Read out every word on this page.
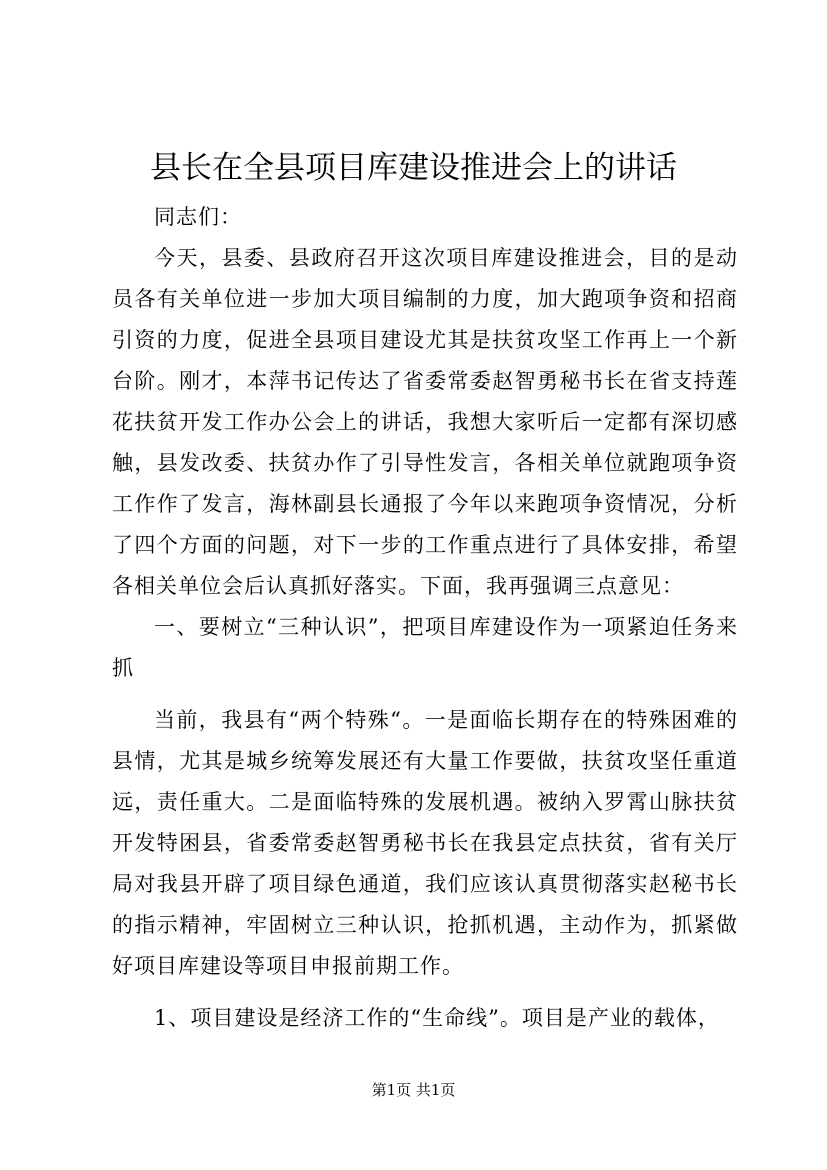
县长在全县项目库建设推进会上的讲话

同志们：

今天，县委、县政府召开这次项目库建设推进会，目的是动员各有关单位进一步加大项目编制的力度，加大跑项争资和招商引资的力度，促进全县项目建设尤其是扶贫攻坚工作再上一个新台阶。刚才，本萍书记传达了省委常委赵智勇秘书长在省支持莲花扶贫开发工作办公会上的讲话，我想大家听后一定都有深切感触，县发改委、扶贫办作了引导性发言，各相关单位就跑项争资工作作了发言，海林副县长通报了今年以来跑项争资情况，分析了四个方面的问题，对下一步的工作重点进行了具体安排，希望各相关单位会后认真抓好落实。下面，我再强调三点意见：

一、要树立“三种认识”，把项目库建设作为一项紧迫任务来抓

当前，我县有“两个特殊“。一是面临长期存在的特殊困难的县情，尤其是城乡统筹发展还有大量工作要做，扶贫攻坚任重道远，责任重大。二是面临特殊的发展机遇。被纳入罗霄山脉扶贫开发特困县，省委常委赵智勇秘书长在我县定点扶贫，省有关厅局对我县开辟了项目绿色通道，我们应该认真贯彻落实赵秘书长的指示精神，牢固树立三种认识，抢抓机遇，主动作为，抓紧做好项目库建设等项目申报前期工作。

1、项目建设是经济工作的“生命线”。项目是产业的载体，

第1页 共1页
